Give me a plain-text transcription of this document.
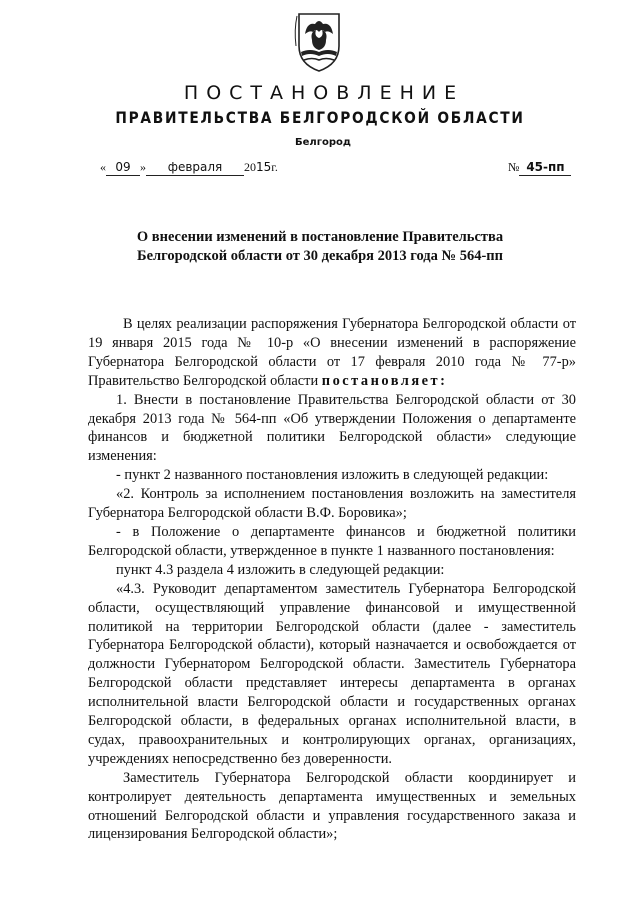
ПОСТАНОВЛЕНИЕ
ПРАВИТЕЛЬСТВА БЕЛГОРОДСКОЙ ОБЛАСТИ
Белгород
« 09 » февраля 2015г.	№ 45-пп
О внесении изменений в постановление Правительства
Белгородской области от 30 декабря 2013 года № 564-пп

В целях реализации распоряжения Губернатора Белгородской области от 19 января 2015 года № 10-р «О внесении изменений в распоряжение Губернатора Белгородской области от 17 февраля 2010 года № 77-р» Правительство Белгородской области постановляет:

1. Внести в постановление Правительства Белгородской области от 30 декабря 2013 года № 564-пп «Об утверждении Положения о департаменте финансов и бюджетной политики Белгородской области» следующие изменения:

- пункт 2 названного постановления изложить в следующей редакции:

«2. Контроль за исполнением постановления возложить на заместителя Губернатора Белгородской области В.Ф. Боровика»;

- в Положение о департаменте финансов и бюджетной политики Белгородской области, утвержденное в пункте 1 названного постановления:

пункт 4.3 раздела 4 изложить в следующей редакции:

«4.3. Руководит департаментом заместитель Губернатора Белгородской области, осуществляющий управление финансовой и имущественной политикой на территории Белгородской области (далее - заместитель Губернатора Белгородской области), который назначается и освобождается от должности Губернатором Белгородской области. Заместитель Губернатора Белгородской области представляет интересы департамента в органах исполнительной власти Белгородской области и государственных органах Белгородской области, в федеральных органах исполнительной власти, в судах, правоохранительных и контролирующих органах, организациях, учреждениях непосредственно без доверенности.

Заместитель Губернатора Белгородской области координирует и контролирует деятельность департамента имущественных и земельных отношений Белгородской области и управления государственного заказа и лицензирования Белгородской области»;
